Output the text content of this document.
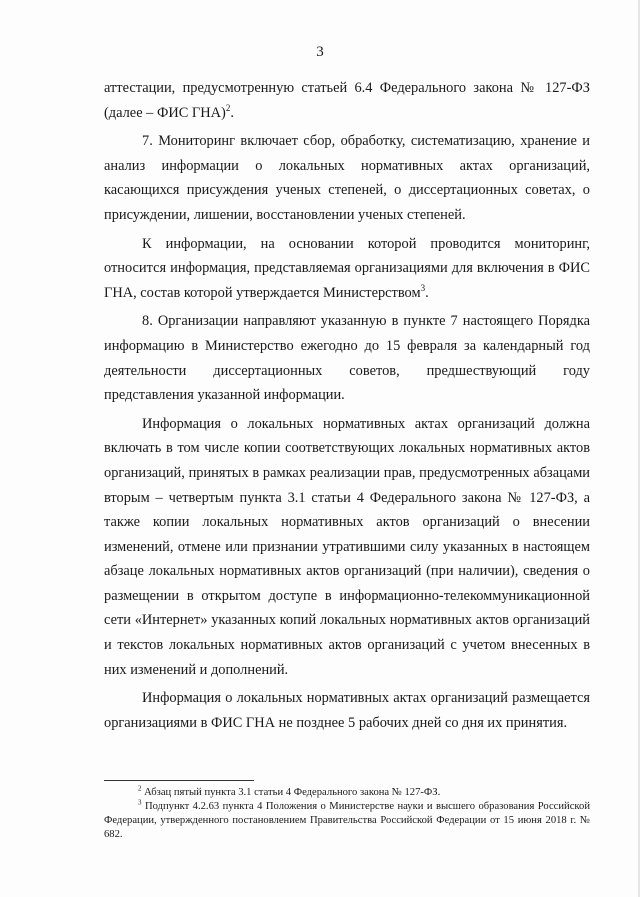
3

аттестации, предусмотренную статьей 6.4 Федерального закона № 127-ФЗ (далее – ФИС ГНА)$^2$.

7. Мониторинг включает сбор, обработку, систематизацию, хранение и анализ информации о локальных нормативных актах организаций, касающихся присуждения ученых степеней, о диссертационных советах, о присуждении, лишении, восстановлении ученых степеней.

К информации, на основании которой проводится мониторинг, относится информация, представляемая организациями для включения в ФИС ГНА, состав которой утверждается Министерством$^3$.

8. Организации направляют указанную в пункте 7 настоящего Порядка информацию в Министерство ежегодно до 15 февраля за календарный год деятельности диссертационных советов, предшествующий году представления указанной информации.

Информация о локальных нормативных актах организаций должна включать в том числе копии соответствующих локальных нормативных актов организаций, принятых в рамках реализации прав, предусмотренных абзацами вторым – четвертым пункта 3.1 статьи 4 Федерального закона № 127-ФЗ, а также копии локальных нормативных актов организаций о внесении изменений, отмене или признании утратившими силу указанных в настоящем абзаце локальных нормативных актов организаций (при наличии), сведения о размещении в открытом доступе в информационно-телекоммуникационной сети «Интернет» указанных копий локальных нормативных актов организаций и текстов локальных нормативных актов организаций с учетом внесенных в них изменений и дополнений.

Информация о локальных нормативных актах организаций размещается организациями в ФИС ГНА не позднее 5 рабочих дней со дня их принятия.

$^2$ Абзац пятый пункта 3.1 статьи 4 Федерального закона № 127-ФЗ.

$^3$ Подпункт 4.2.63 пункта 4 Положения о Министерстве науки и высшего образования Российской Федерации, утвержденного постановлением Правительства Российской Федерации от 15 июня 2018 г. № 682.
